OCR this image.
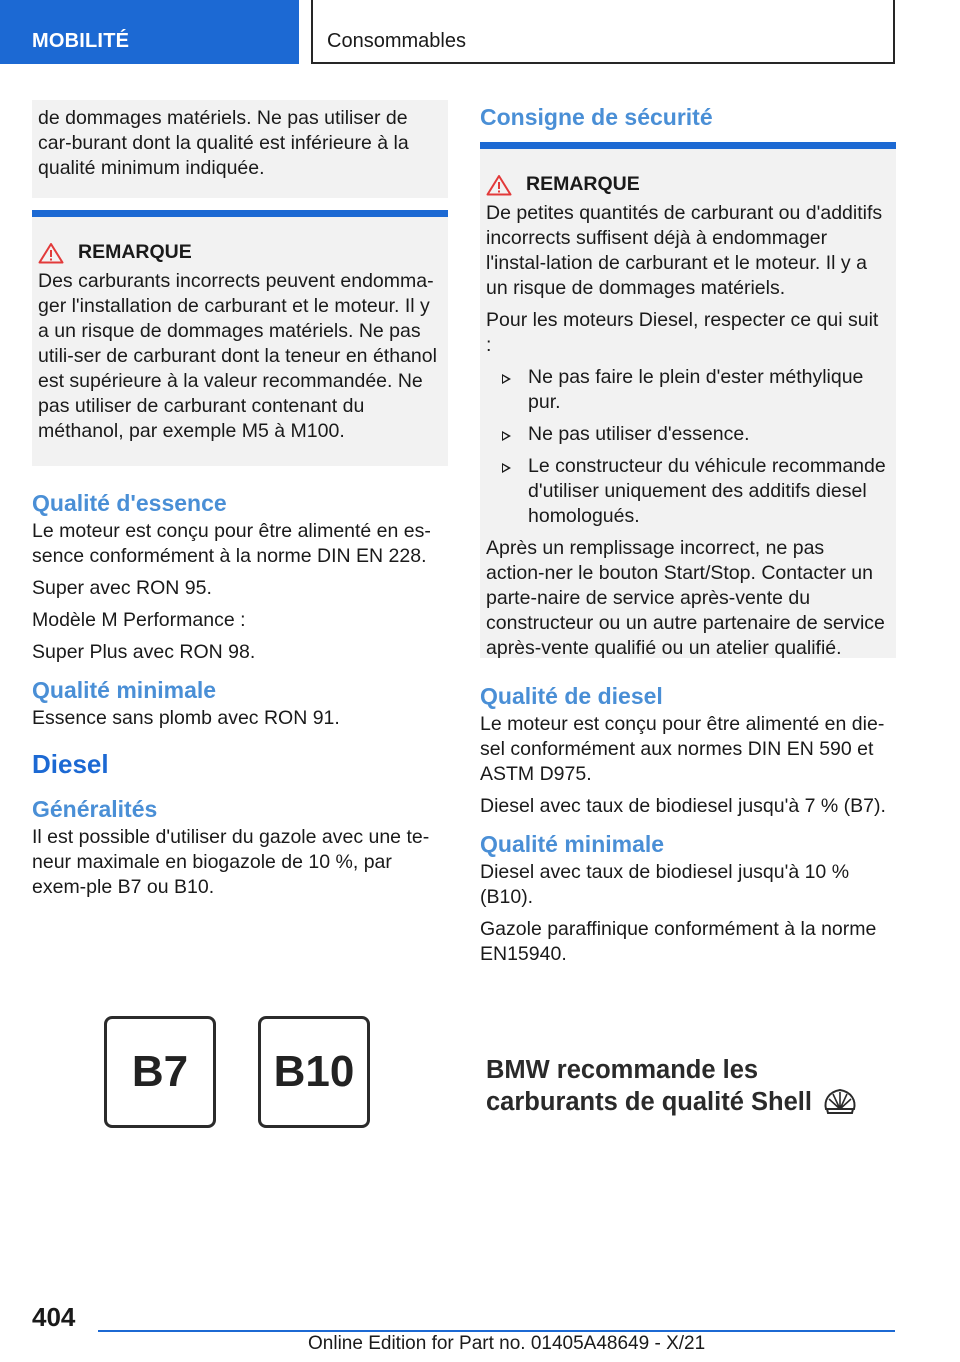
MOBILITÉ	Consommables

de dommages matériels. Ne pas utiliser de car-burant dont la qualité est inférieure à la qualité minimum indiquée.

REMARQUE

Des carburants incorrects peuvent endomma-ger l'installation de carburant et le moteur. Il y a un risque de dommages matériels. Ne pas utili-ser de carburant dont la teneur en éthanol est supérieure à la valeur recommandée. Ne pas utiliser de carburant contenant du méthanol, par exemple M5 à M100.

Qualité d'essence

Le moteur est conçu pour être alimenté en es-sence conformément à la norme DIN EN 228.

Super avec RON 95.

Modèle M Performance :

Super Plus avec RON 98.

Qualité minimale

Essence sans plomb avec RON 91.

Diesel
Généralités

Il est possible d'utiliser du gazole avec une te-neur maximale en biogazole de 10 %, par exem-ple B7 ou B10.

B7 B10
Consigne de sécurité
REMARQUE

De petites quantités de carburant ou d'additifs incorrects suffisent déjà à endommager l'instal-lation de carburant et le moteur. Il y a un risque de dommages matériels.

Pour les moteurs Diesel, respecter ce qui suit :

Ne pas faire le plein d'ester méthylique pur.
Ne pas utiliser d'essence.
Le constructeur du véhicule recommande d'utiliser uniquement des additifs diesel homologués.

Après un remplissage incorrect, ne pas action-ner le bouton Start/Stop. Contacter un parte-naire de service après-vente du constructeur ou un autre partenaire de service après-vente qualifié ou un atelier qualifié.

Qualité de diesel

Le moteur est conçu pour être alimenté en die-sel conformément aux normes DIN EN 590 et ASTM D975.

Diesel avec taux de biodiesel jusqu'à 7 % (B7).

Qualité minimale

Diesel avec taux de biodiesel jusqu'à 10 % (B10).

Gazole paraffinique conformément à la norme EN15940.

BMW recommande les
carburants de qualité Shell
404
Online Edition for Part no. 01405A48649 - X/21
